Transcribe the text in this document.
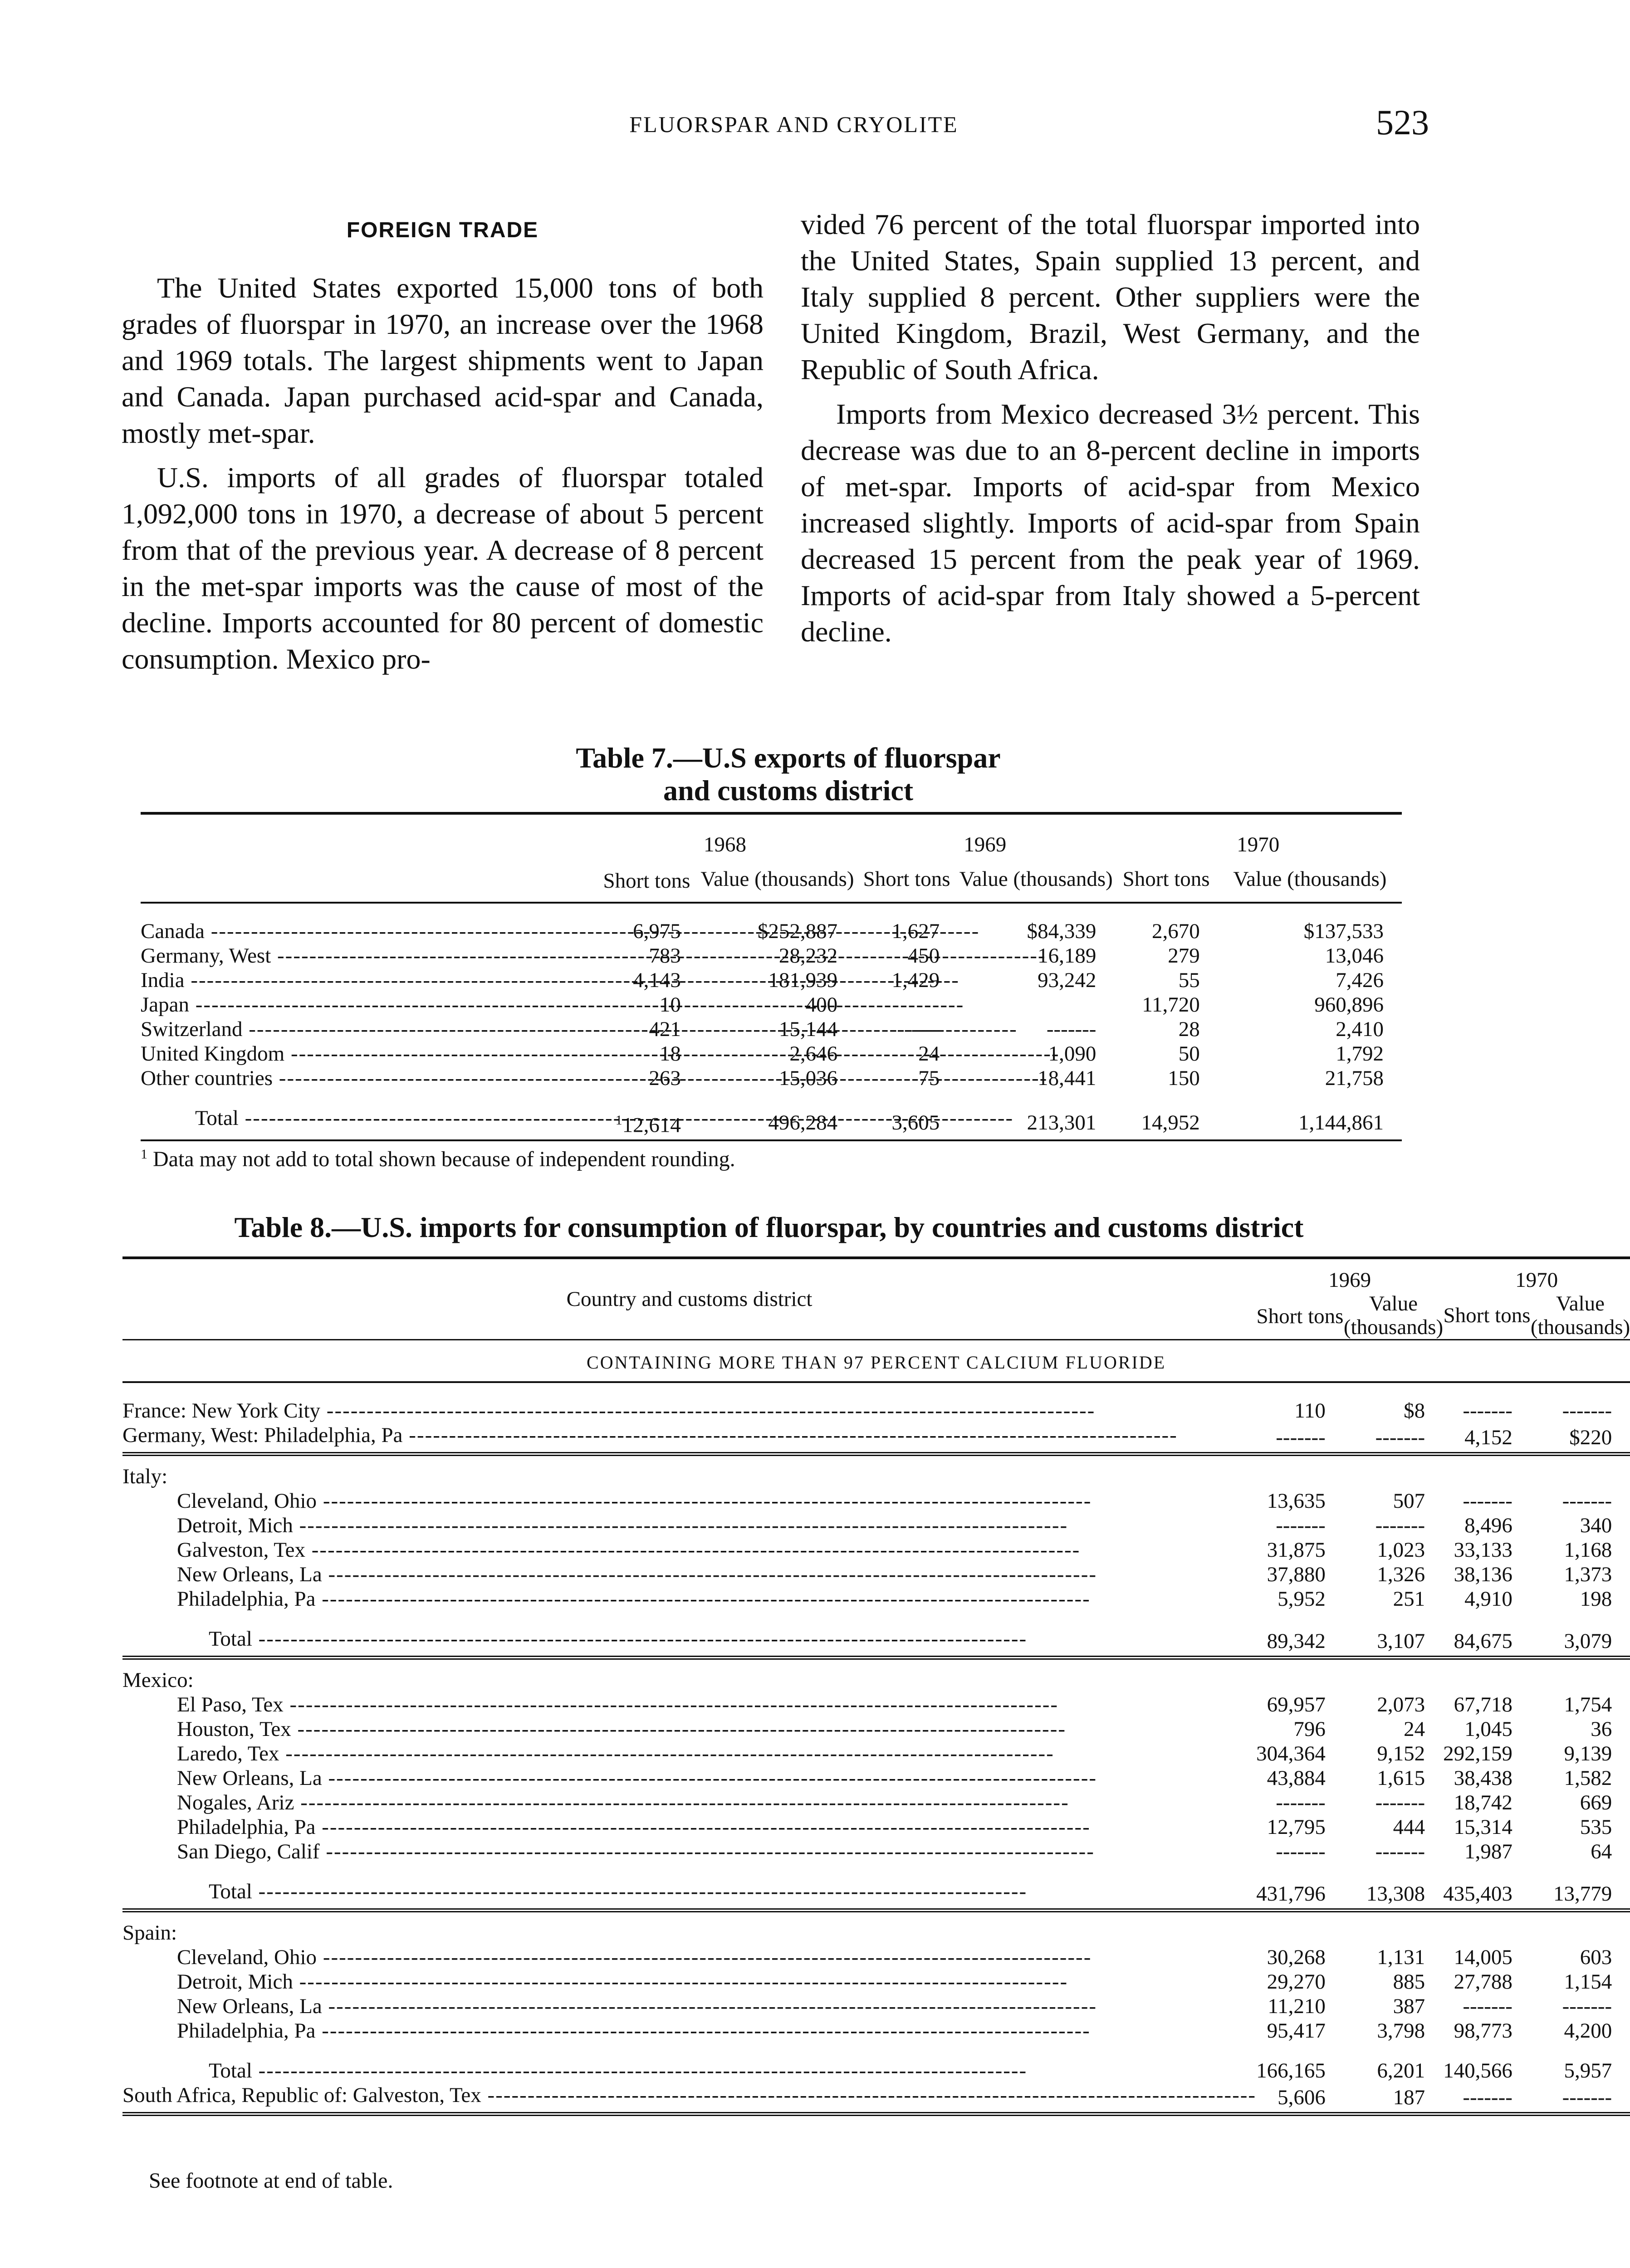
FLUORSPAR AND CRYOLITE	523
FOREIGN TRADE

The United States exported 15,000 tons of both grades of fluorspar in 1970, an increase over the 1968 and 1969 totals. The largest shipments went to Japan and Canada. Japan purchased acid-spar and Canada, mostly met-spar.

U.S. imports of all grades of fluorspar totaled 1,092,000 tons in 1970, a decrease of about 5 percent from that of the previous year. A decrease of 8 percent in the met-spar imports was the cause of most of the decline. Imports accounted for 80 percent of domestic consumption. Mexico pro-

vided 76 percent of the total fluorspar imported into the United States, Spain supplied 13 percent, and Italy supplied 8 percent. Other suppliers were the United Kingdom, Brazil, West Germany, and the Republic of South Africa.

Imports from Mexico decreased 3½ percent. This decrease was due to an 8-percent decline in imports of met-spar. Imports of acid-spar from Mexico increased slightly. Imports of acid-spar from Spain decreased 15 percent from the peak year of 1969. Imports of acid-spar from Italy showed a 5-percent decline.

Table 7.—U.S exports of fluorspar
and customs district
	1968		1969		1970	
	Short tons	Value (thousands)	Short tons	Value (thousands)	Short tons	Value (thousands)

Canada -----	6,975	$252,887	1,627	$84,339	2,670	$137,533
Germany, West -----	783	28,232	450	16,189	279	13,046
India -----	4,143	181,939	1,429	93,242	55	7,426
Japan -----	10	400			11,720	960,896
Switzerland -----	421	15,144	-------	-------	28	2,410
United Kingdom -----	18	2,646	24	1,090	50	1,792
Other countries -----	263	15,036	75	18,441	150	21,758

Total -----	$^1$12,614	496,284	3,605	213,301	14,952	1,144,861
$^1$ Data may not add to total shown because of independent rounding.
Table 8.—U.S. imports for consumption of fluorspar, by countries and customs district
Country and customs district	1969		1970	
	Short tons	Value (thousands)	Short tons	Value (thousands)
CONTAINING MORE THAN 97 PERCENT CALCIUM FLUORIDE				

France: New York City -----	110	$8	-------	-------
Germany, West: Philadelphia, Pa -----	-------	-------	4,152	$220
Italy:				
Cleveland, Ohio -----	13,635	507	-------	-------
Detroit, Mich -----	-------	-------	8,496	340
Galveston, Tex -----	31,875	1,023	33,133	1,168
New Orleans, La -----	37,880	1,326	38,136	1,373
Philadelphia, Pa -----	5,952	251	4,910	198

Total -----	89,342	3,107	84,675	3,079
Mexico:				
El Paso, Tex -----	69,957	2,073	67,718	1,754
Houston, Tex -----	796	24	1,045	36
Laredo, Tex -----	304,364	9,152	292,159	9,139
New Orleans, La -----	43,884	1,615	38,438	1,582
Nogales, Ariz -----	-------	-------	18,742	669
Philadelphia, Pa -----	12,795	444	15,314	535
San Diego, Calif -----	-------	-------	1,987	64

Total -----	431,796	13,308	435,403	13,779
Spain:				
Cleveland, Ohio -----	30,268	1,131	14,005	603
Detroit, Mich -----	29,270	885	27,788	1,154
New Orleans, La -----	11,210	387	-------	-------
Philadelphia, Pa -----	95,417	3,798	98,773	4,200

Total -----	166,165	6,201	140,566	5,957
South Africa, Republic of: Galveston, Tex -----	5,606	187	-------	-------
See footnote at end of table.
